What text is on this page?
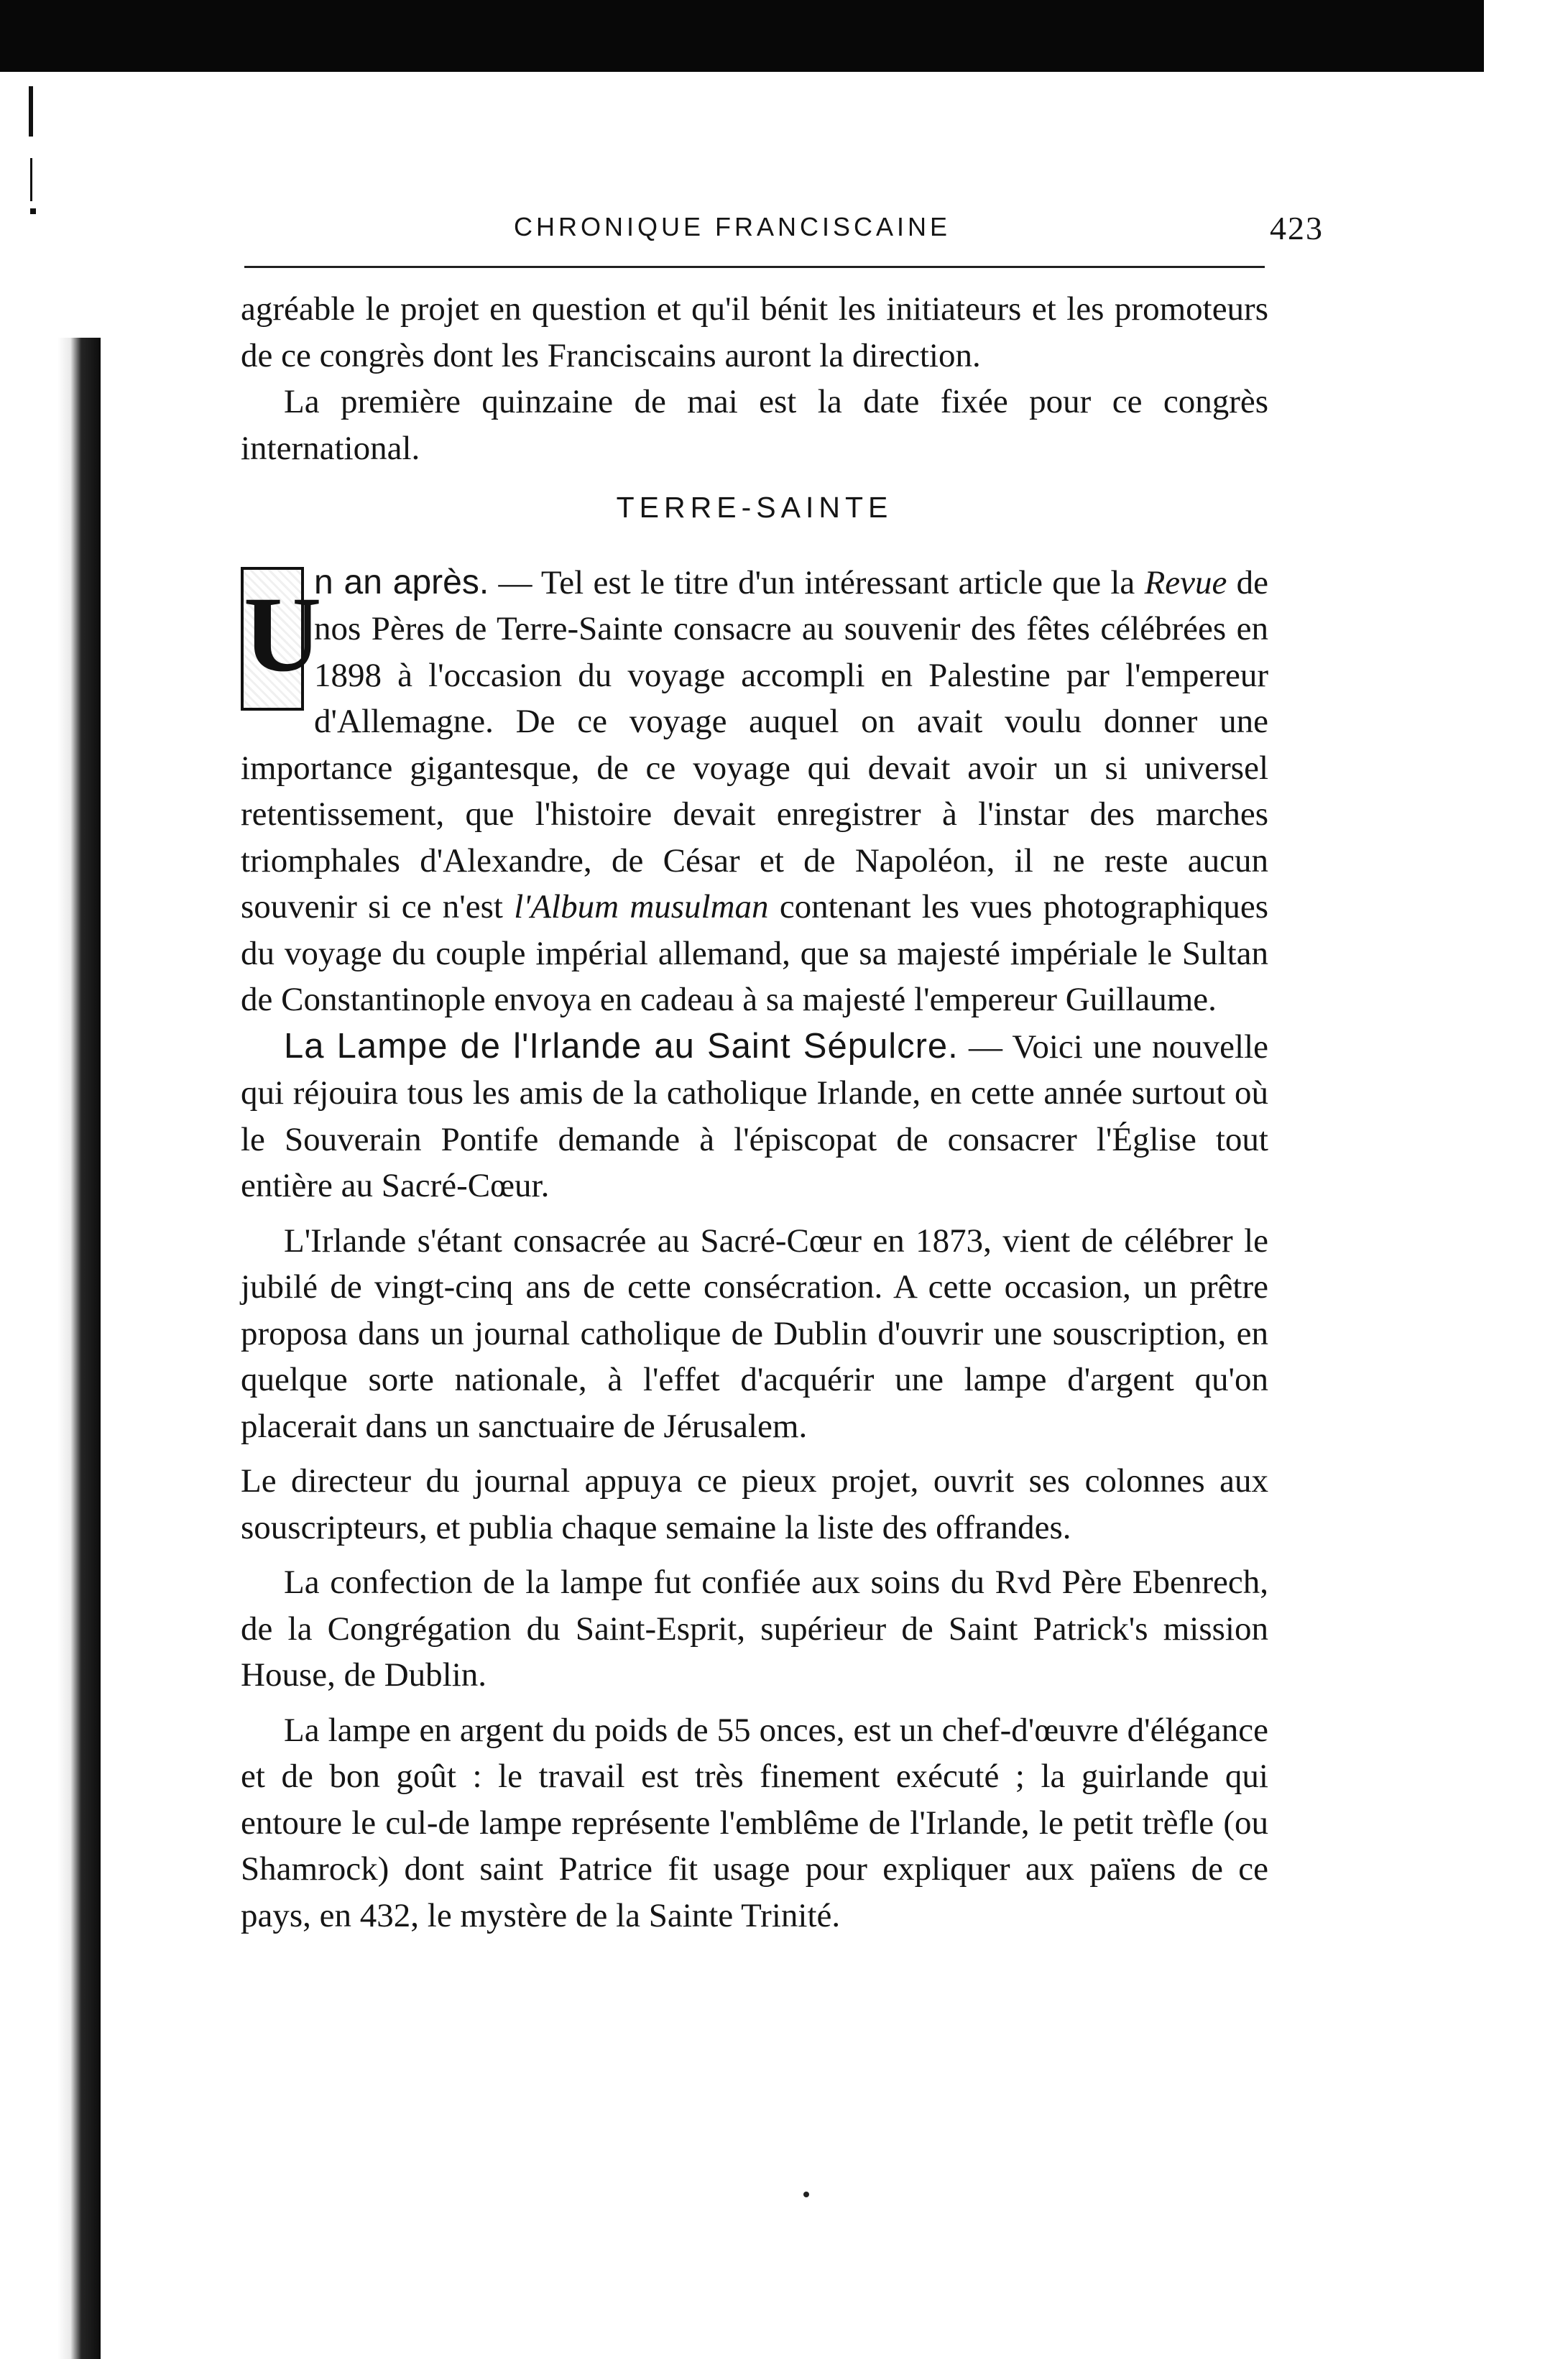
CHRONIQUE FRANCISCAINE	423

agréable le projet en question et qu'il bénit les initiateurs et les promoteurs de ce congrès dont les Franciscains auront la direction.

La première quinzaine de mai est la date fixée pour ce congrès international.

TERRE-SAINTE

U
n an après. — Tel est le titre d'un intéressant article que la Revue de nos Pères de Terre-Sainte consacre au souvenir des fêtes célébrées en 1898 à l'occasion du voyage accompli en Palestine par l'empereur d'Allemagne. De ce voyage auquel on avait voulu donner une importance gigantesque, de ce voyage qui devait avoir un si universel retentissement, que l'histoire devait enregistrer à l'instar des marches triomphales d'Alexandre, de César et de Napoléon, il ne reste aucun souvenir si ce n'est l'Album musulman contenant les vues photographiques du voyage du couple impérial allemand, que sa majesté impériale le Sultan de Constantinople envoya en cadeau à sa majesté l'empereur Guillaume.

La Lampe de l'Irlande au Saint Sépulcre. — Voici une nouvelle qui réjouira tous les amis de la catholique Irlande, en cette année surtout où le Souverain Pontife demande à l'épiscopat de consacrer l'Église tout entière au Sacré-Cœur.

L'Irlande s'étant consacrée au Sacré-Cœur en 1873, vient de célébrer le jubilé de vingt-cinq ans de cette consécration. A cette occasion, un prêtre proposa dans un journal catholique de Dublin d'ouvrir une souscription, en quelque sorte nationale, à l'effet d'acquérir une lampe d'argent qu'on placerait dans un sanctuaire de Jérusalem.

Le directeur du journal appuya ce pieux projet, ouvrit ses colonnes aux souscripteurs, et publia chaque semaine la liste des offrandes.

La confection de la lampe fut confiée aux soins du Rvd Père Ebenrech, de la Congrégation du Saint-Esprit, supérieur de Saint Patrick's mission House, de Dublin.

La lampe en argent du poids de 55 onces, est un chef-d'œuvre d'élégance et de bon goût : le travail est très finement exécuté ; la guirlande qui entoure le cul-de lampe représente l'emblême de l'Irlande, le petit trèfle (ou Shamrock) dont saint Patrice fit usage pour expliquer aux païens de ce pays, en 432, le mystère de la Sainte Trinité.
